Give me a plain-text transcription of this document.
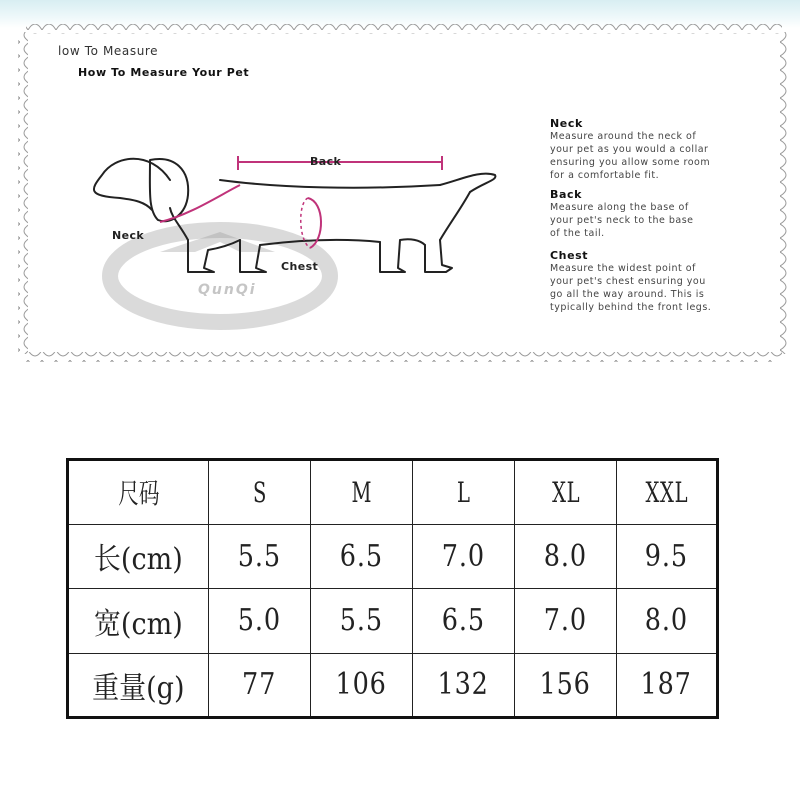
low To Measure
How To Measure Your Pet
QunQi
Back
Neck
Chest
Neck
Measure around the neck of
your pet as you would a collar
ensuring you allow some room
for a comfortable fit.
Back
Measure along the base of
your pet's neck to the base
of the tail.
Chest
Measure the widest point of
your pet's chest ensuring you
go all the way around. This is
typically behind the front legs.
尺码	S	M	L	XL	XXL
长(cm)	5.5	6.5	7.0	8.0	9.5
宽(cm)	5.0	5.5	6.5	7.0	8.0
重量(g)	77	106	132	156	187
